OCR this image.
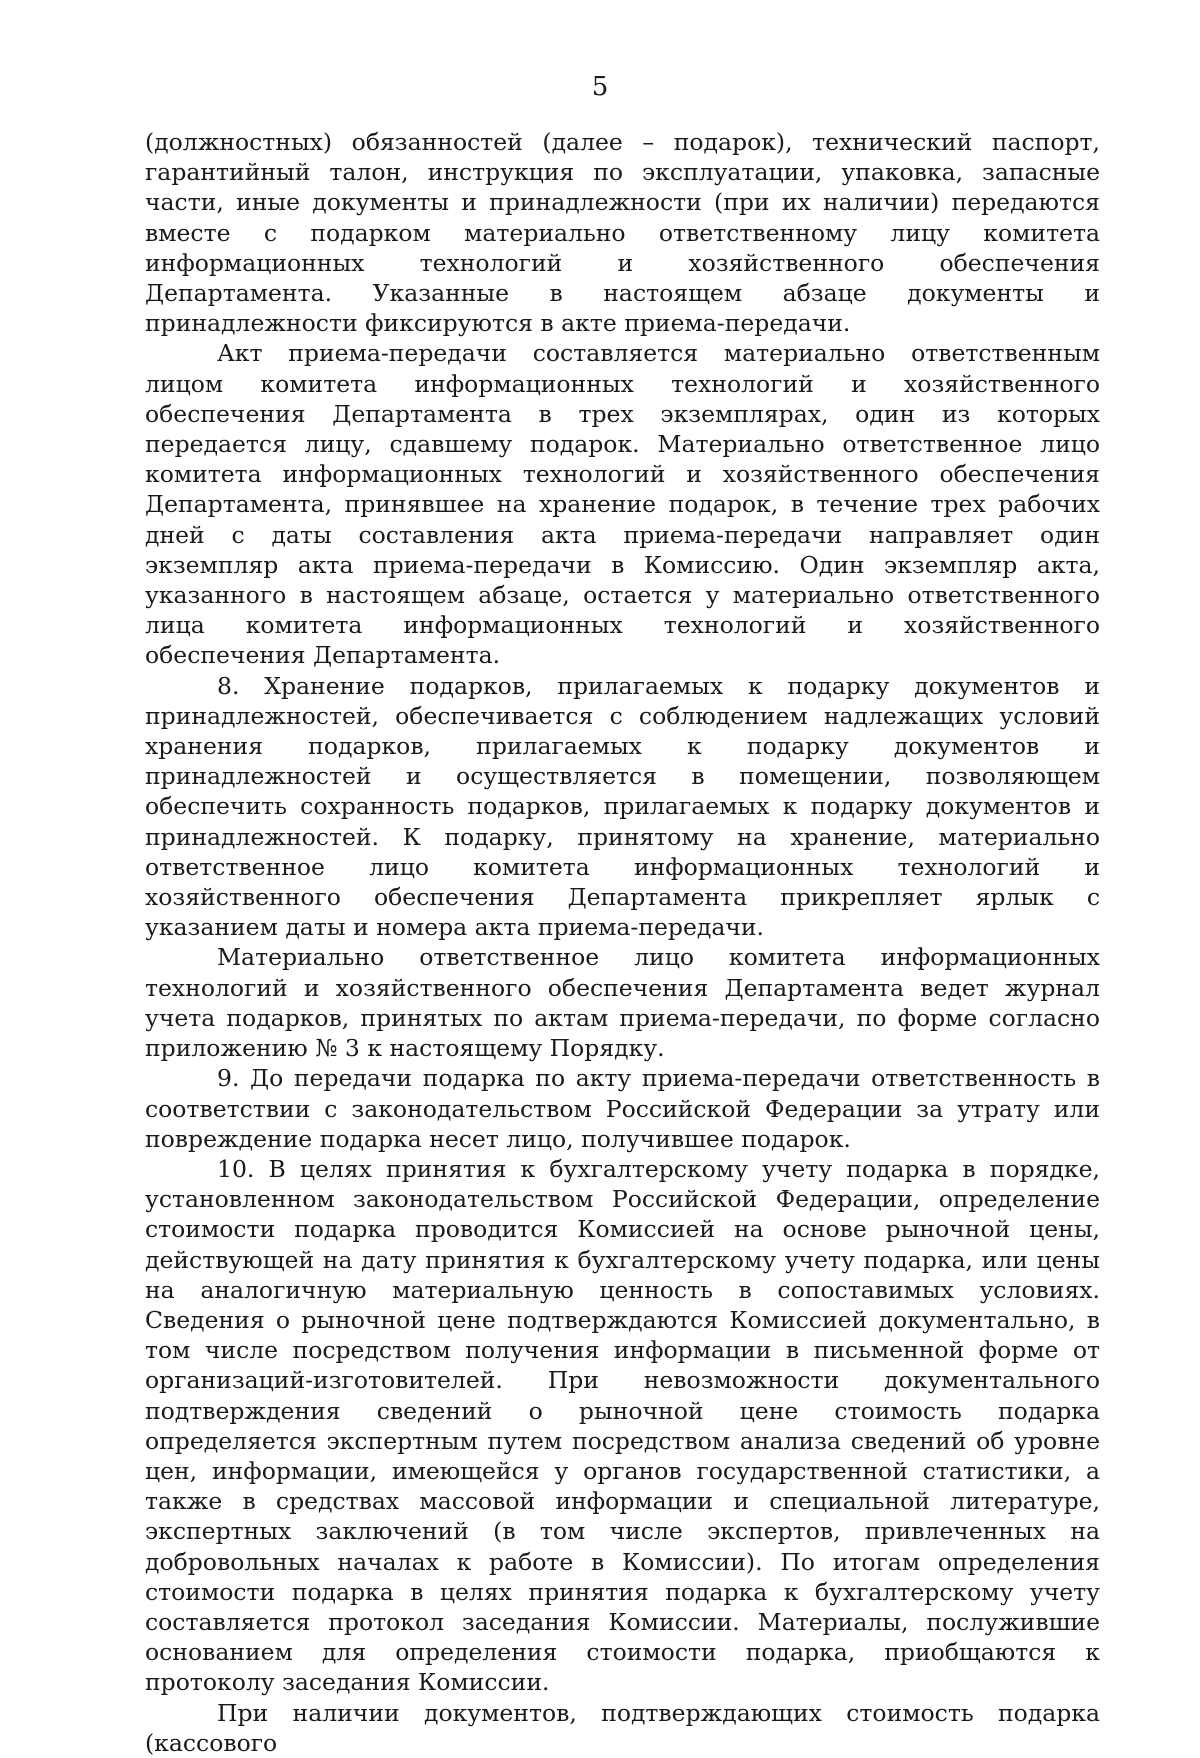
5

(должностных) обязанностей (далее – подарок), технический паспорт, гарантийный талон, инструкция по эксплуатации, упаковка, запасные части, иные документы и принадлежности (при их наличии) передаются вместе с подарком материально ответственному лицу комитета информационных технологий и хозяйственного обеспечения Департамента. Указанные в настоящем абзаце документы и принадлежности фиксируются в акте приема-передачи.

Акт приема-передачи составляется материально ответственным лицом комитета информационных технологий и хозяйственного обеспечения Департамента в трех экземплярах, один из которых передается лицу, сдавшему подарок. Материально ответственное лицо комитета информационных технологий и хозяйственного обеспечения Департамента, принявшее на хранение подарок, в течение трех рабочих дней с даты составления акта приема-передачи направляет один экземпляр акта приема-передачи в Комиссию. Один экземпляр акта, указанного в настоящем абзаце, остается у материально ответственного лица комитета информационных технологий и хозяйственного обеспечения Департамента.

8. Хранение подарков, прилагаемых к подарку документов и принадлежностей, обеспечивается с соблюдением надлежащих условий хранения подарков, прилагаемых к подарку документов и принадлежностей и осуществляется в помещении, позволяющем обеспечить сохранность подарков, прилагаемых к подарку документов и принадлежностей. К подарку, принятому на хранение, материально ответственное лицо комитета информационных технологий и хозяйственного обеспечения Департамента прикрепляет ярлык с указанием даты и номера акта приема-передачи.

Материально ответственное лицо комитета информационных технологий и хозяйственного обеспечения Департамента ведет журнал учета подарков, принятых по актам приема-передачи, по форме согласно приложению № 3 к настоящему Порядку.

9. До передачи подарка по акту приема-передачи ответственность в соответствии с законодательством Российской Федерации за утрату или повреждение подарка несет лицо, получившее подарок.

10. В целях принятия к бухгалтерскому учету подарка в порядке, установленном законодательством Российской Федерации, определение стоимости подарка проводится Комиссией на основе рыночной цены, действующей на дату принятия к бухгалтерскому учету подарка, или цены на аналогичную материальную ценность в сопоставимых условиях. Сведения о рыночной цене подтверждаются Комиссией документально, в том числе посредством получения информации в письменной форме от организаций-изготовителей. При невозможности документального подтверждения сведений о рыночной цене стоимость подарка определяется экспертным путем посредством анализа сведений об уровне цен, информации, имеющейся у органов государственной статистики, а также в средствах массовой информации и специальной литературе, экспертных заключений (в том числе экспертов, привлеченных на добровольных началах к работе в Комиссии). По итогам определения стоимости подарка в целях принятия подарка к бухгалтерскому учету составляется протокол заседания Комиссии. Материалы, послужившие основанием для определения стоимости подарка, приобщаются к протоколу заседания Комиссии.

При наличии документов, подтверждающих стоимость подарка (кассового
